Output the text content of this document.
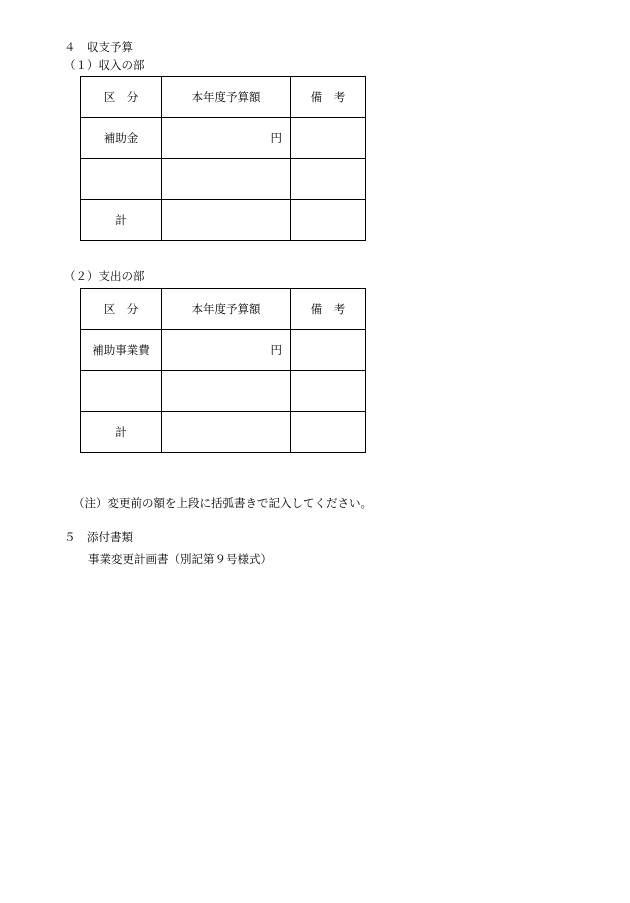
４　収支予算
（１）収入の部
区　分	本年度予算額	備　考
補助金	円	

計		
（２）支出の部
区　分	本年度予算額	備　考
補助事業費	円	

計		
（注）変更前の額を上段に括弧書きで記入してください。
５　添付書類
事業変更計画書（別記第９号様式）
